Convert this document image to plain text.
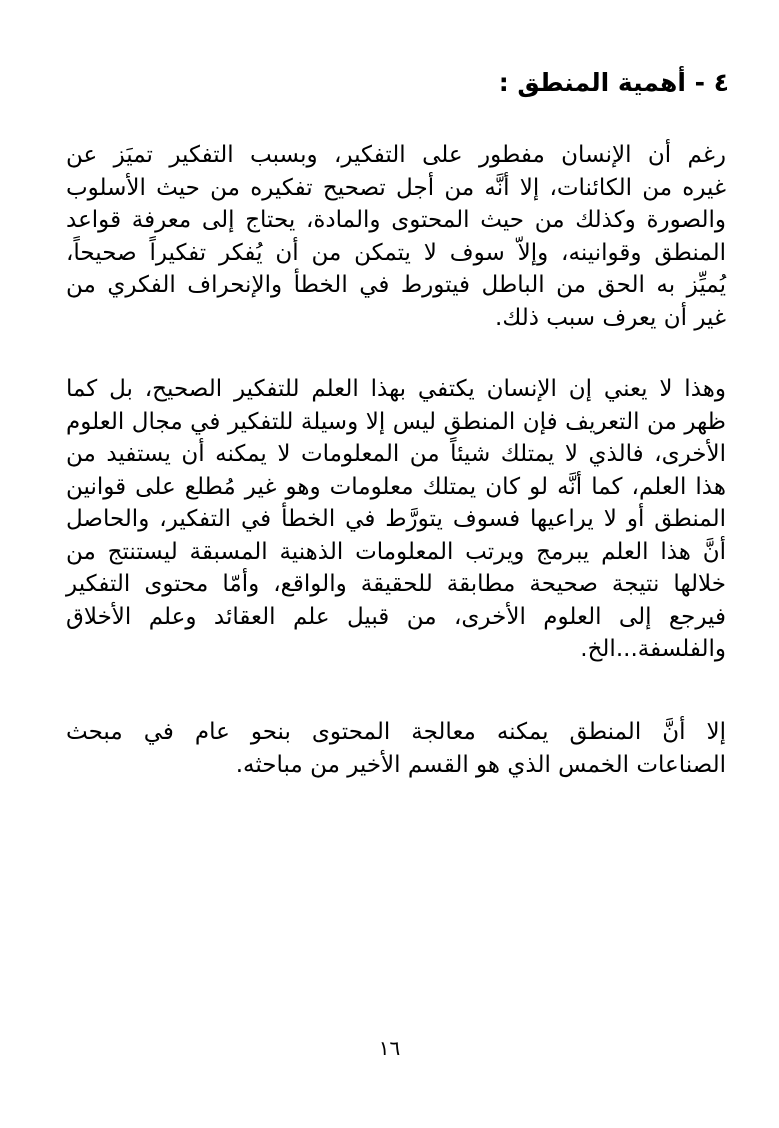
٤ - أهمية المنطق :
رغم أن الإنسان مفطور على التفكير، وبسبب التفكير تميَز عن
غيره من الكائنات، إلا أنَّه من أجل تصحيح تفكيره من حيث الأسلوب
والصورة وكذلك من حيث المحتوى والمادة، يحتاج إلى معرفة قواعد
المنطق وقوانينه، وإلاّ سوف لا يتمكن من أن يُفكر تفكيراً صحيحاً،
يُميِّز به الحق من الباطل فيتورط في الخطأ والإنحراف الفكري من
غير أن يعرف سبب ذلك.
وهذا لا يعني إن الإنسان يكتفي بهذا العلم للتفكير الصحيح، بل كما
ظهر من التعريف فإن المنطق ليس إلا وسيلة للتفكير في مجال العلوم
الأخرى، فالذي لا يمتلك شيئاً من المعلومات لا يمكنه أن يستفيد من
هذا العلم، كما أنَّه لو كان يمتلك معلومات وهو غير مُطلع على قوانين
المنطق أو لا يراعيها فسوف يتورَّط في الخطأ في التفكير، والحاصل
أنَّ هذا العلم يبرمج ويرتب المعلومات الذهنية المسبقة ليستنتج من
خلالها نتيجة صحيحة مطابقة للحقيقة والواقع، وأمّا محتوى التفكير
فيرجع إلى العلوم الأخرى، من قبيل علم العقائد وعلم الأخلاق
والفلسفة...الخ.
إلا أنَّ المنطق يمكنه معالجة المحتوى بنحو عام في مبحث
الصناعات الخمس الذي هو القسم الأخير من مباحثه.
١٦
